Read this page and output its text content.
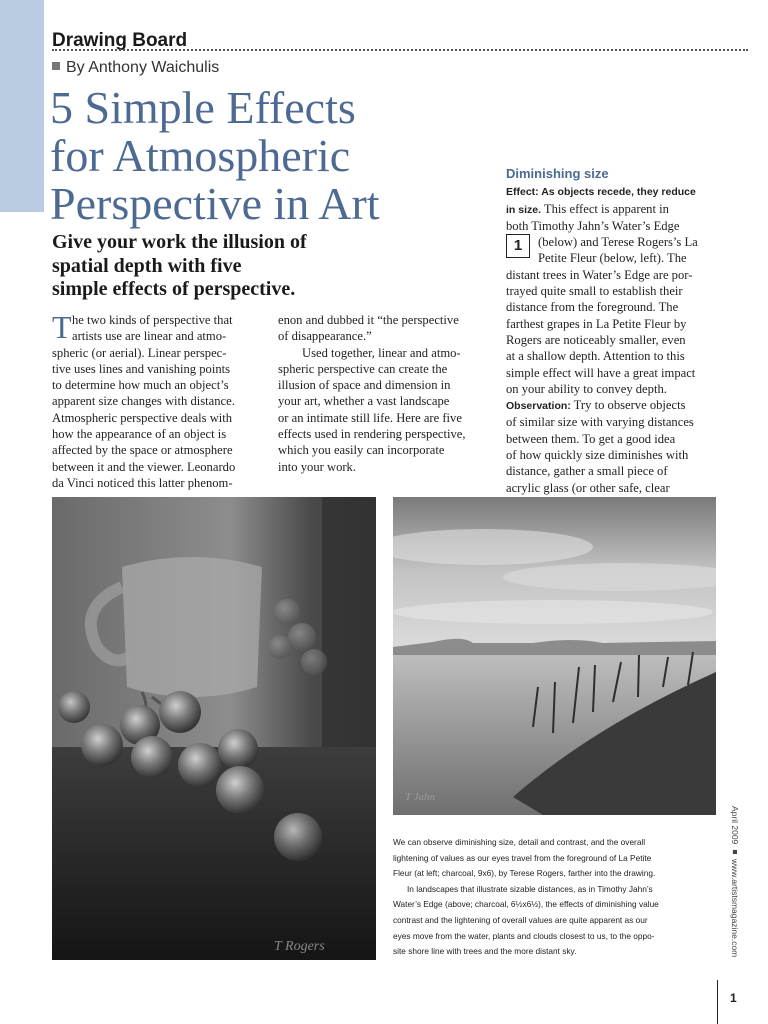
Drawing Board
By Anthony Waichulis
5 Simple Effects
for Atmospheric
Perspective in Art
Give your work the illusion of
spatial depth with five
simple effects of perspective.
T he two kinds of perspective that
artists use are linear and atmo-
spheric (or aerial). Linear perspec-
tive uses lines and vanishing points
to determine how much an object’s
apparent size changes with distance.
Atmospheric perspective deals with
how the appearance of an object is
affected by the space or atmosphere
between it and the viewer. Leonardo
da Vinci noticed this latter phenom-
enon and dubbed it “the perspective
of disappearance.”
Used together, linear and atmo-
spheric perspective can create the
illusion of space and dimension in
your art, whether a vast landscape
or an intimate still life. Here are five
effects used in rendering perspective,
which you easily can incorporate
into your work.
1
Diminishing size
Effect: As objects recede, they reduce
in size. This effect is apparent in
both Timothy Jahn’s Water’s Edge
(below) and Terese Rogers’s La
Petite Fleur (below, left). The
distant trees in Water’s Edge are por-
trayed quite small to establish their
distance from the foreground. The
farthest grapes in La Petite Fleur by
Rogers are noticeably smaller, even
at a shallow depth. Attention to this
simple effect will have a great impact
on your ability to convey depth.
Observation: Try to observe objects
of similar size with varying distances
between them. To get a good idea
of how quickly size diminishes with
distance, gather a small piece of
acrylic glass (or other safe, clear
T Rogers
T Jahn
We can observe diminishing size, detail and contrast, and the overall
lightening of values as our eyes travel from the foreground of La Petite
Fleur (at left; charcoal, 9x6), by Terese Rogers, farther into the drawing.
In landscapes that illustrate sizable distances, as in Timothy Jahn’s
Water’s Edge (above; charcoal, 6½x6½), the effects of diminishing value
contrast and the lightening of overall values are quite apparent as our
eyes move from the water, plants and clouds closest to us, to the oppo-
site shore line with trees and the more distant sky.	April 2009 ■ www.artistsmagazine.com
1
